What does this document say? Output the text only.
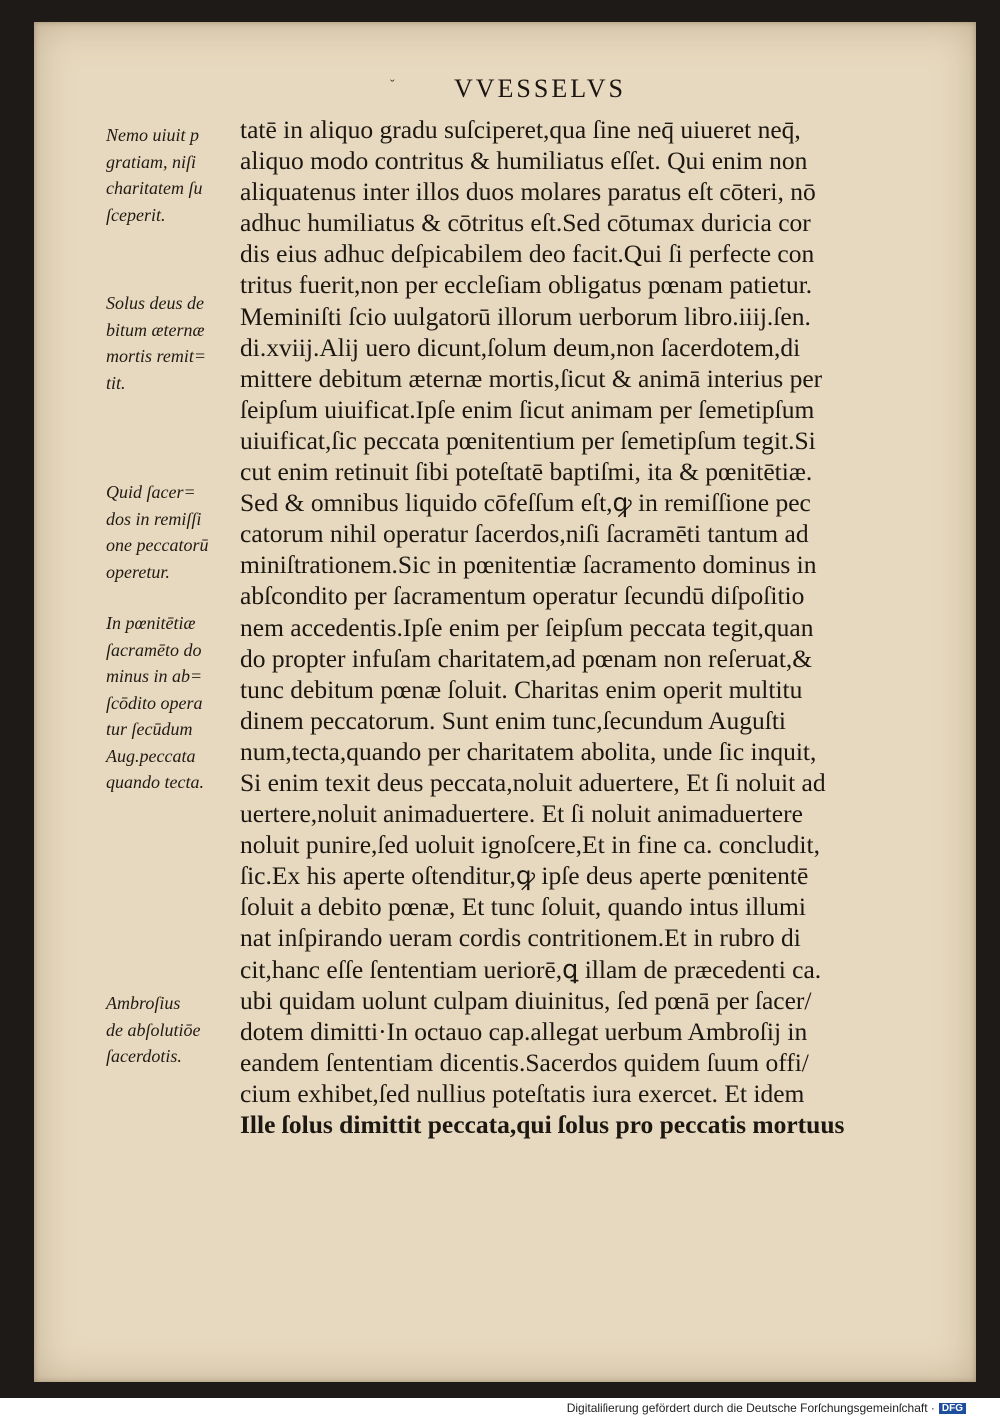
ˇ VVESSELVS
tatē in aliquo gradu suſciperet,qua ſine neq̄ uiueret neq̄,
aliquo modo contritus & humiliatus eſſet. Qui enim non
aliquatenus inter illos duos molares paratus eſt cōteri, nō
adhuc humiliatus & cōtritus eſt.Sed cōtumax duricia cor
dis eius adhuc deſpicabilem deo facit.Qui ſi perfecte con
tritus fuerit,non per eccleſiam obligatus pœnam patietur.
Meminiſti ſcio uulgatorū illorum uerborum libro.iiij.ſen.
di.xviij.Alij uero dicunt,ſolum deum,non ſacerdotem,di
mittere debitum æternæ mortis,ſicut & animā interius per
ſeipſum uiuificat.Ipſe enim ſicut animam per ſemetipſum
uiuificat,ſic peccata pœnitentium per ſemetipſum tegit.Si
cut enim retinuit ſibi poteſtatē baptiſmi, ita & pœnitētiæ.
Sed & omnibus liquido cōfeſſum eſt,ꝙ in remiſſione pec
catorum nihil operatur ſacerdos,niſi ſacramēti tantum ad
miniſtrationem.Sic in pœnitentiæ ſacramento dominus in
abſcondito per ſacramentum operatur ſecundū diſpoſitio
nem accedentis.Ipſe enim per ſeipſum peccata tegit,quan
do propter infuſam charitatem,ad pœnam non reſeruat,&
tunc debitum pœnæ ſoluit. Charitas enim operit multitu
dinem peccatorum. Sunt enim tunc,ſecundum Auguſti
num,tecta,quando per charitatem abolita, unde ſic inquit,
Si enim texit deus peccata,noluit aduertere, Et ſi noluit ad
uertere,noluit animaduertere. Et ſi noluit animaduertere
noluit punire,ſed uoluit ignoſcere,Et in fine ca. concludit,
ſic.Ex his aperte oſtenditur,ꝙ ipſe deus aperte pœnitentē
ſoluit a debito pœnæ, Et tunc ſoluit, quando intus illumi
nat inſpirando ueram cordis contritionem.Et in rubro di
cit,hanc eſſe ſententiam ueriorē,ꝗ illam de præcedenti ca.
ubi quidam uolunt culpam diuinitus, ſed pœnā per ſacer/
dotem dimitti·In octauo cap.allegat uerbum Ambroſij in
eandem ſententiam dicentis.Sacerdos quidem ſuum offi/
cium exhibet,ſed nullius poteſtatis iura exercet. Et idem
Ille ſolus dimittit peccata,qui ſolus pro peccatis mortuus
Nemo uiuit p
gratiam, niſi
charitatem ſu
ſceperit.
Solus deus de
bitum æternæ
mortis remit=
tit.
Quid ſacer=
dos in remiſſi
one peccatorū
operetur.
In pœnitētiæ
ſacramēto do
minus in ab=
ſcōdito opera
tur ſecūdum
Aug.peccata
quando tecta.
Ambroſius
de abſolutiōe
ſacerdotis.
Digitaliſierung gefördert durch die Deutsche Forſchungsgemeinſchaft · DFG
